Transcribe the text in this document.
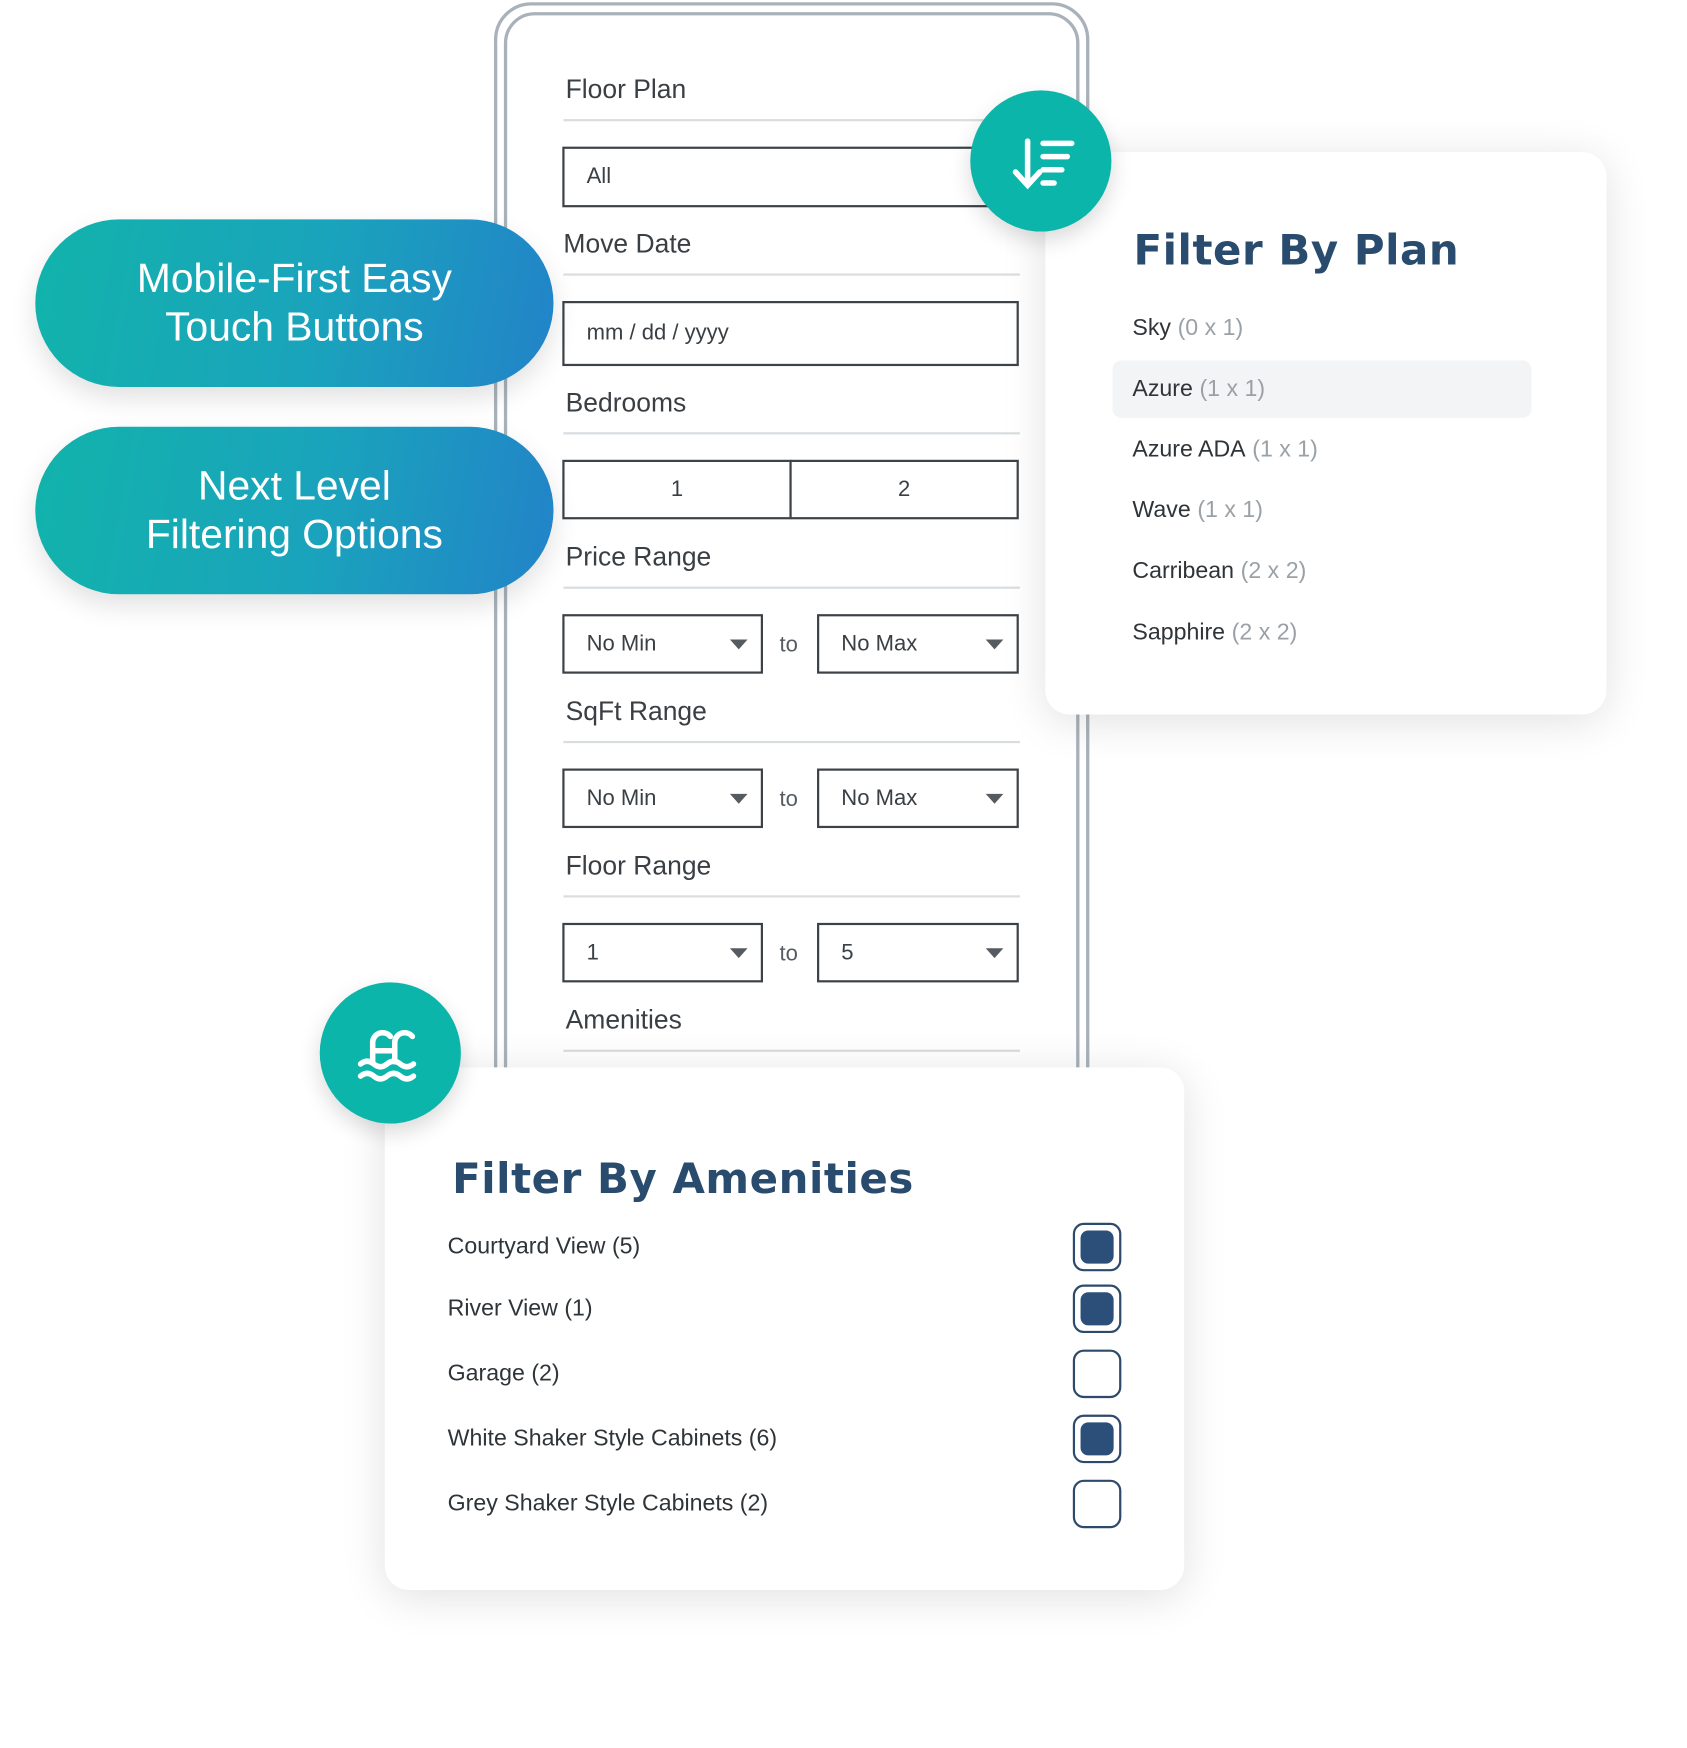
Floor Plan
All
Move Date
mm / dd / yyyy
Bedrooms
1	2
Price Range
No Min	to	No Max
SqFt Range
No Min	to	No Max
Floor Range
1	to	5
Amenities
Mobile-First Easy
Touch Buttons
Next Level
Filtering Options
Filter By Plan
Sky (0 x 1)
Azure (1 x 1)
Azure ADA (1 x 1)
Wave (1 x 1)
Carribean (2 x 2)
Sapphire (2 x 2)
Filter By Amenities
Courtyard View (5)
River View (1)
Garage (2)
White Shaker Style Cabinets (6)
Grey Shaker Style Cabinets (2)
